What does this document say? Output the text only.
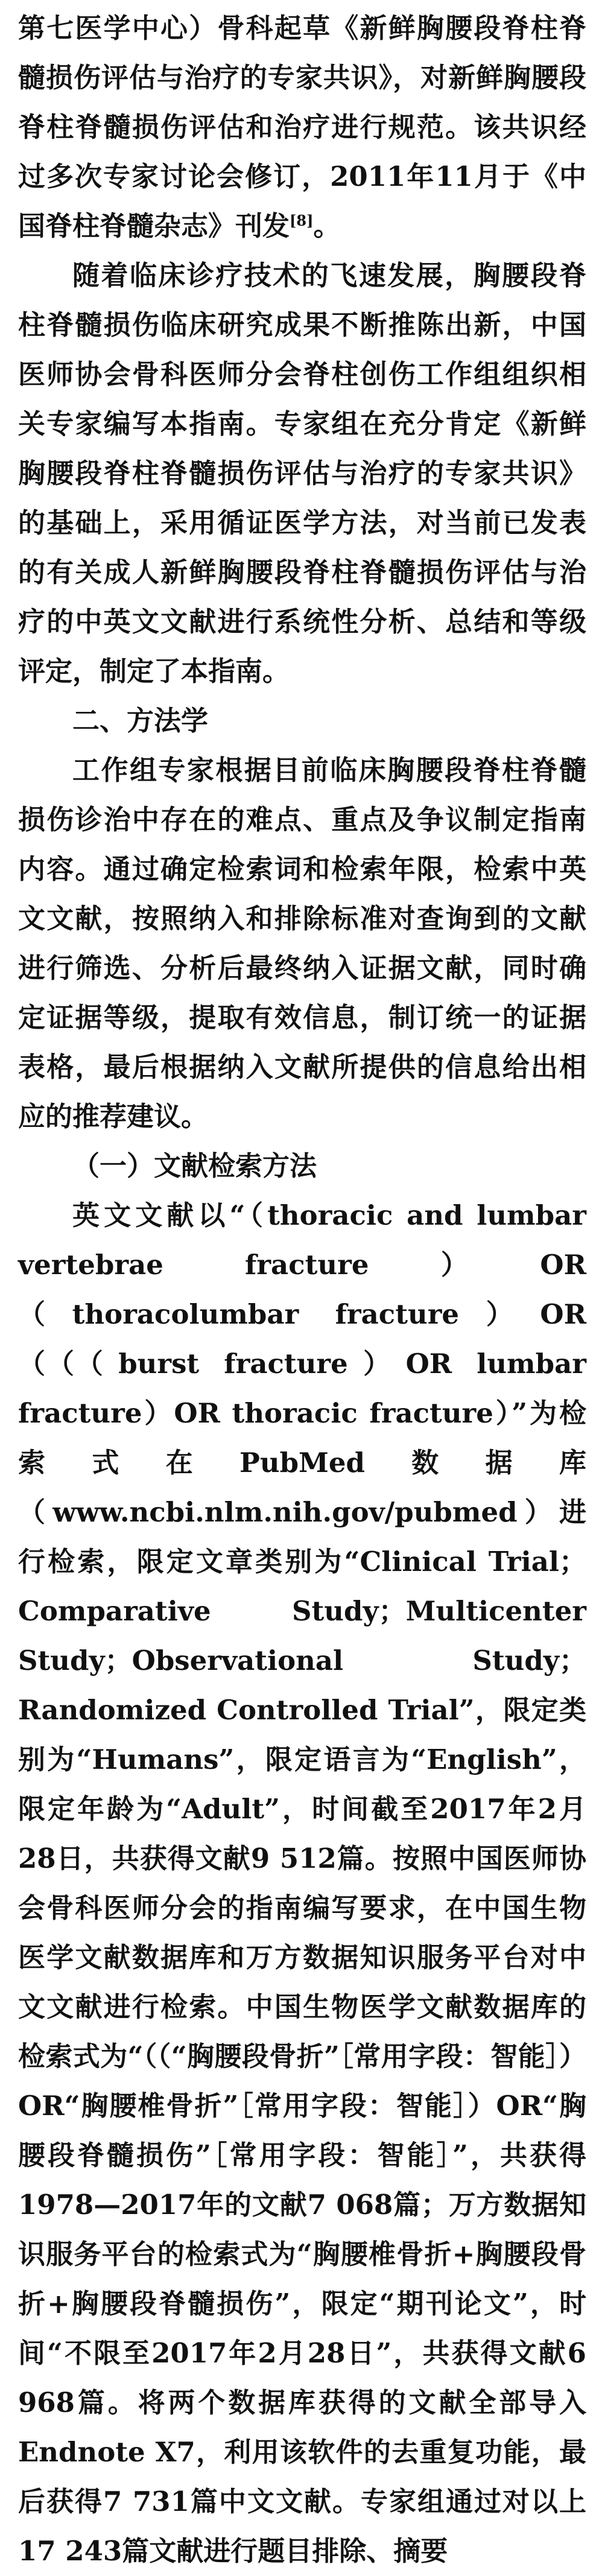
第七医学中心）骨科起草《新鲜胸腰段脊柱脊髓损伤评估与治疗的专家共识》，对新鲜胸腰段脊柱脊髓损伤评估和治疗进行规范。该共识经过多次专家讨论会修订，2011年11月于《中国脊柱脊髓杂志》刊发[8]。

随着临床诊疗技术的飞速发展，胸腰段脊柱脊髓损伤临床研究成果不断推陈出新，中国医师协会骨科医师分会脊柱创伤工作组组织相关专家编写本指南。专家组在充分肯定《新鲜胸腰段脊柱脊髓损伤评估与治疗的专家共识》的基础上，采用循证医学方法，对当前已发表的有关成人新鲜胸腰段脊柱脊髓损伤评估与治疗的中英文文献进行系统性分析、总结和等级评定，制定了本指南。

二、方法学

工作组专家根据目前临床胸腰段脊柱脊髓损伤诊治中存在的难点、重点及争议制定指南内容。通过确定检索词和检索年限，检索中英文文献，按照纳入和排除标准对查询到的文献进行筛选、分析后最终纳入证据文献，同时确定证据等级，提取有效信息，制订统一的证据表格，最后根据纳入文献所提供的信息给出相应的推荐建议。

（一）文献检索方法

英文文献以“（thoracic and lumbar vertebrae fracture）OR（thoracolumbar fracture）OR（（（burst fracture）OR lumbar fracture）OR thoracic fracture）”为检索式在PubMed数据库（www.ncbi.nlm.nih.gov/pubmed）进行检索，限定文章类别为“Clinical Trial；Comparative Study；Multicenter Study；Observational Study；Randomized Controlled Trial”，限定类别为“Humans”，限定语言为“English”，限定年龄为“Adult”，时间截至2017年2月28日，共获得文献9 512篇。按照中国医师协会骨科医师分会的指南编写要求，在中国生物医学文献数据库和万方数据知识服务平台对中文文献进行检索。中国生物医学文献数据库的检索式为“（（“胸腰段骨折”［常用字段：智能］）OR“胸腰椎骨折”［常用字段：智能］）OR“胸腰段脊髓损伤”［常用字段：智能］”，共获得1978—2017年的文献7 068篇；万方数据知识服务平台的检索式为“胸腰椎骨折+胸腰段骨折+胸腰段脊髓损伤”，限定“期刊论文”，时间“不限至2017年2月28日”，共获得文献6 968篇。将两个数据库获得的文献全部导入Endnote X7，利用该软件的去重复功能，最后获得7 731篇中文文献。专家组通过对以上17 243篇文献进行题目排除、摘要
